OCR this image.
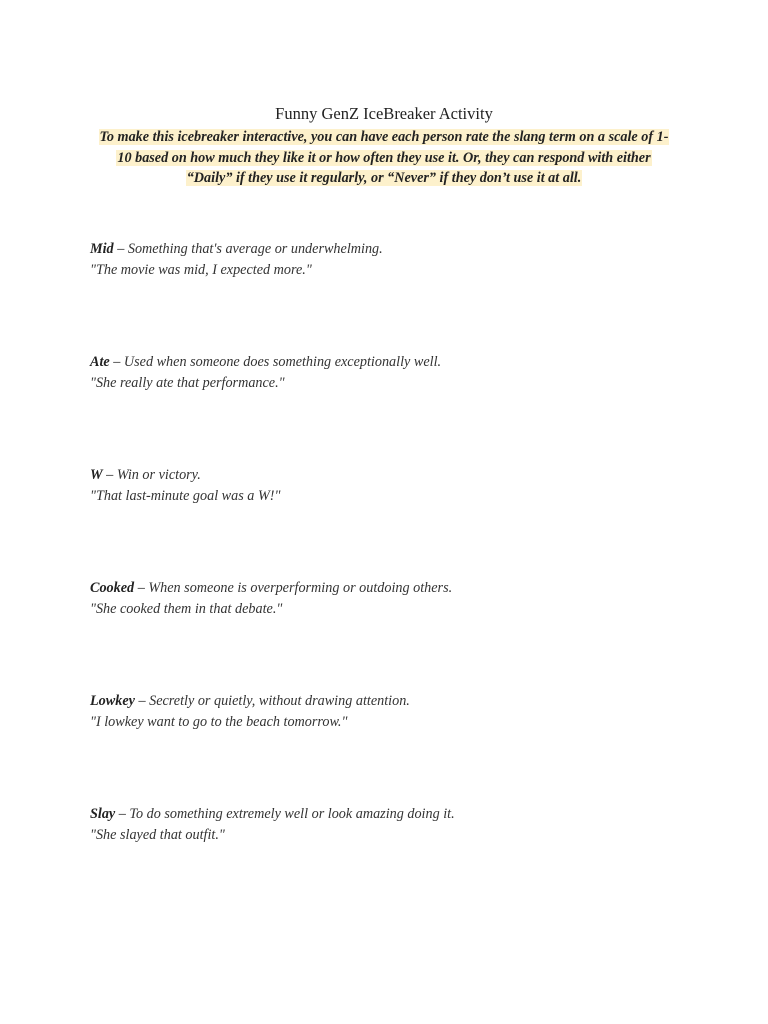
Funny GenZ IceBreaker Activity
To make this icebreaker interactive, you can have each person rate the slang term on a scale of 1-10 based on how much they like it or how often they use it. Or, they can respond with either “Daily” if they use it regularly, or “Never” if they don’t use it at all.
Mid – Something that's average or underwhelming.
"The movie was mid, I expected more."
Ate – Used when someone does something exceptionally well.
"She really ate that performance."
W – Win or victory.
"That last-minute goal was a W!"
Cooked – When someone is overperforming or outdoing others.
"She cooked them in that debate."
Lowkey – Secretly or quietly, without drawing attention.
"I lowkey want to go to the beach tomorrow."
Slay – To do something extremely well or look amazing doing it.
"She slayed that outfit."
